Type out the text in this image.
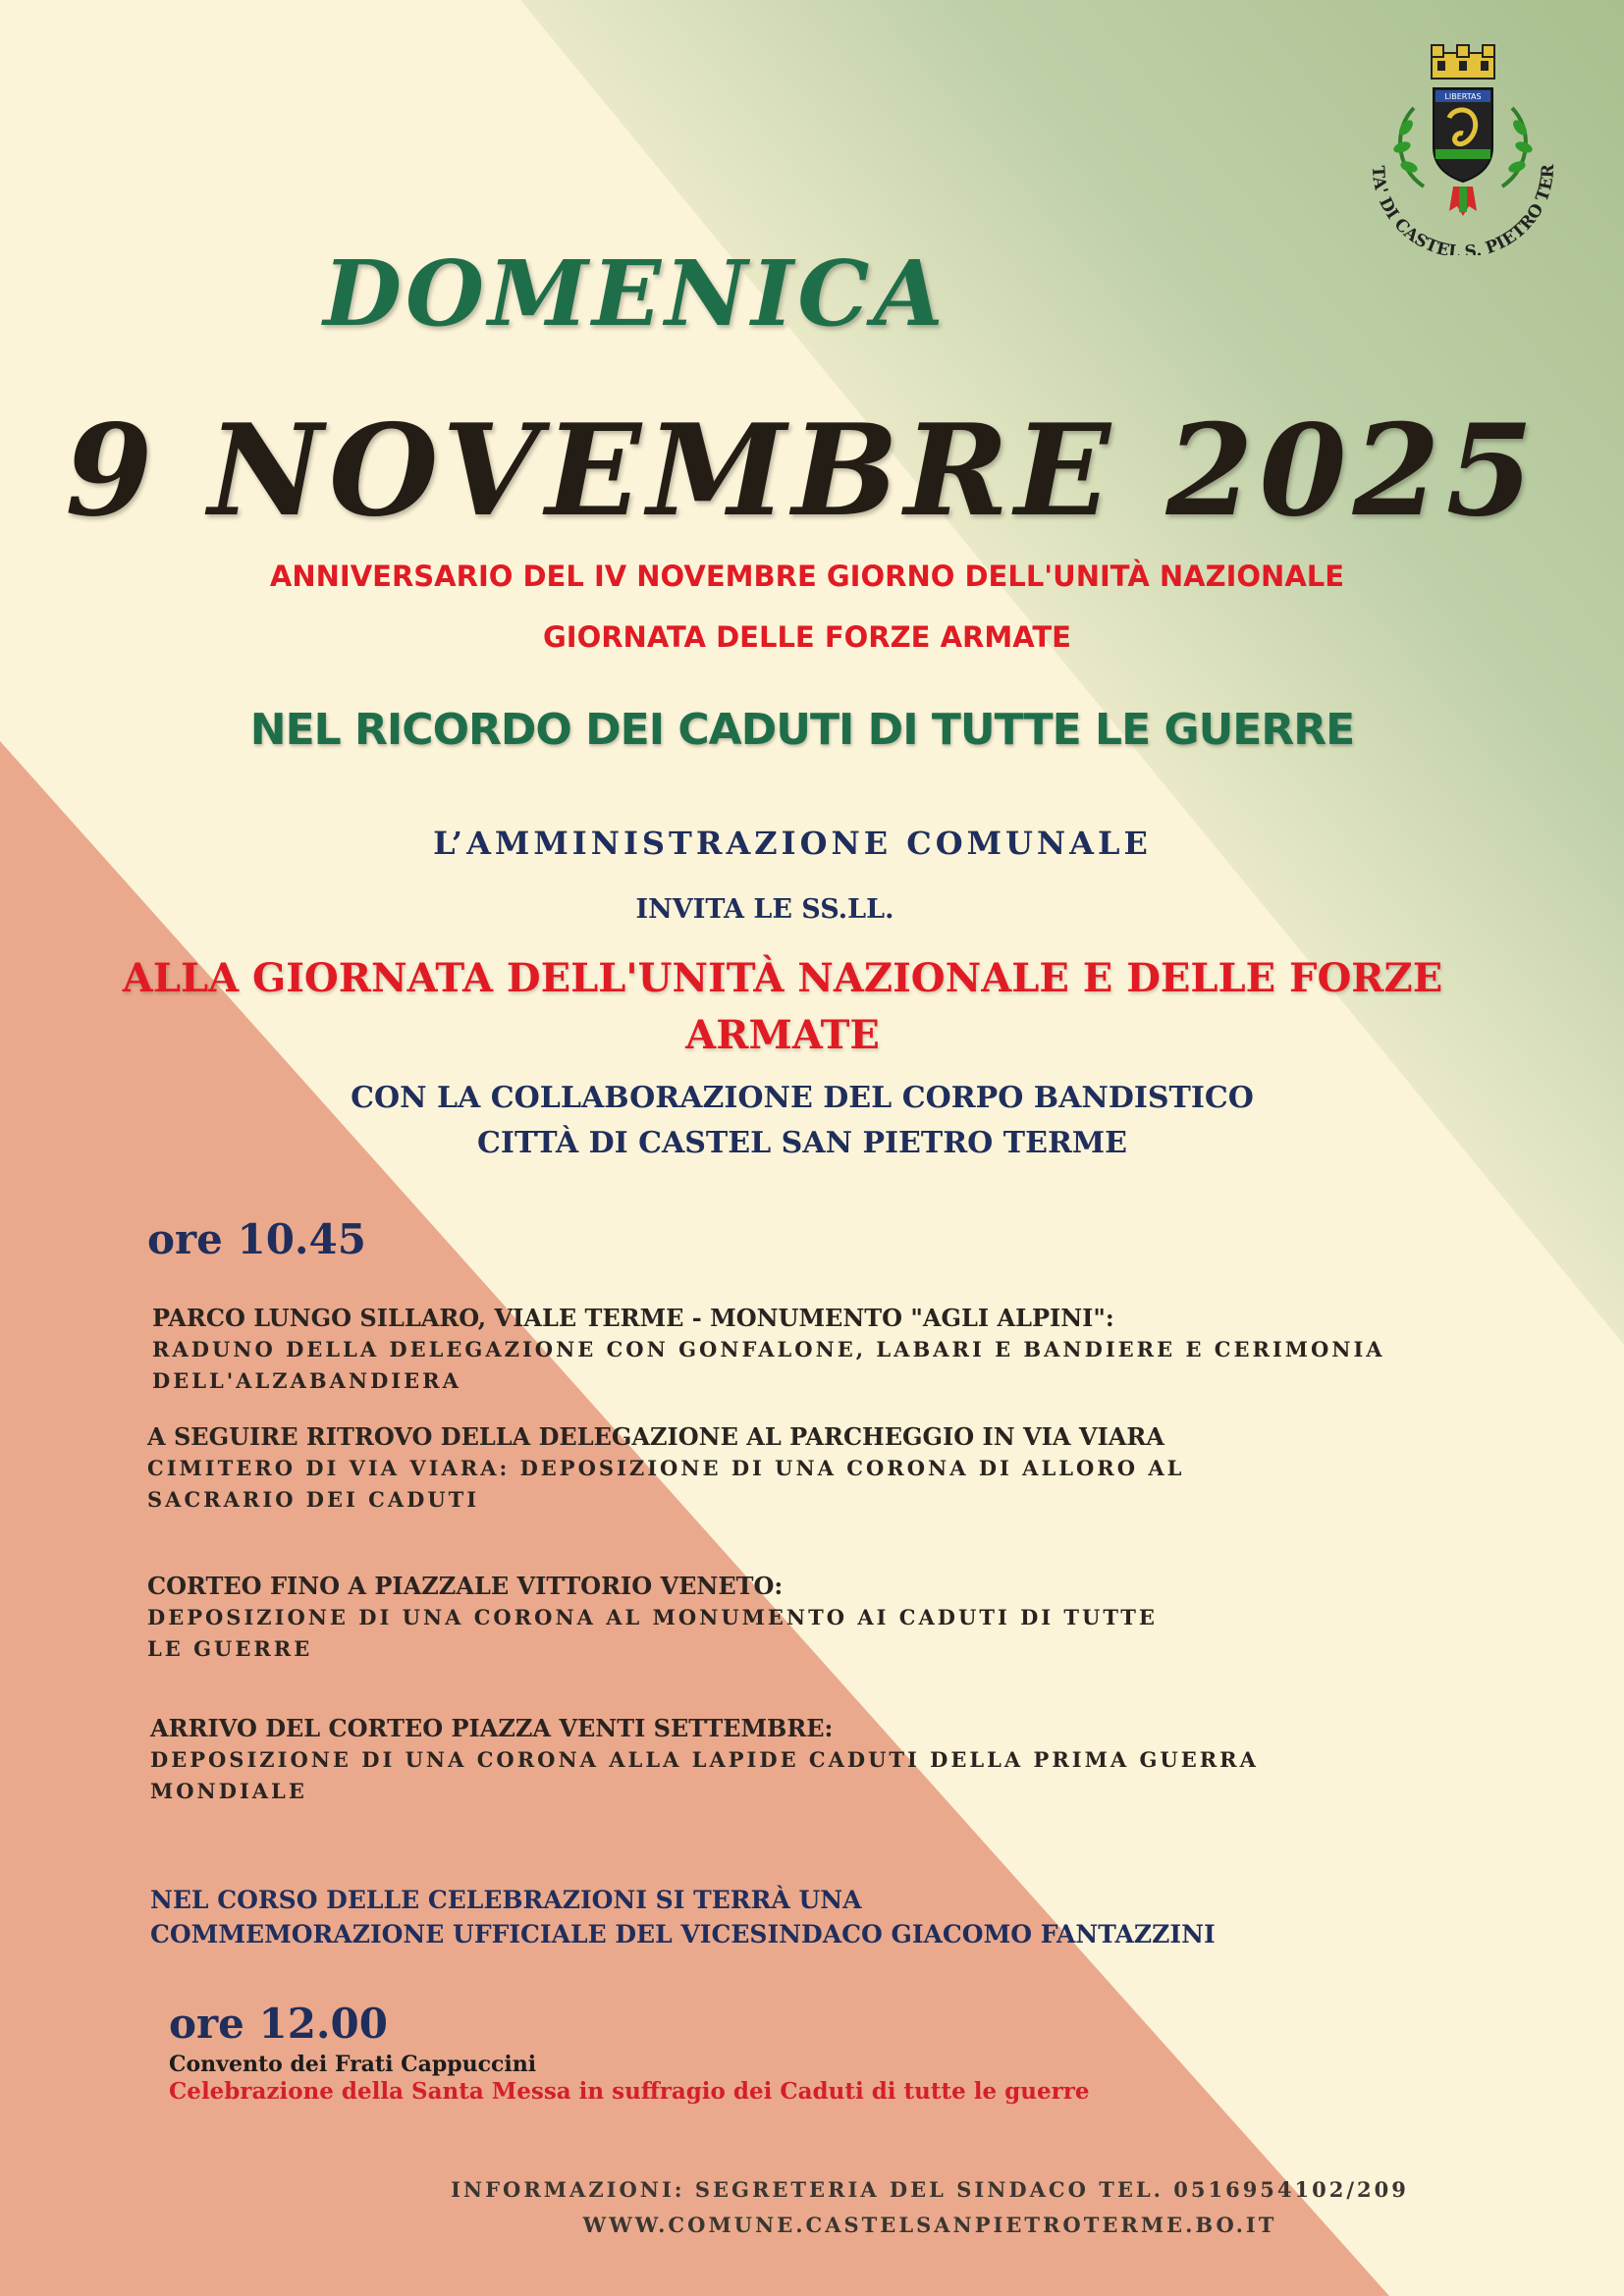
TA' DI CASTEL S. PIETRO TER
LIBERTAS
DOMENICA
9 NOVEMBRE 2025
ANNIVERSARIO DEL IV NOVEMBRE GIORNO DELL'UNITÀ NAZIONALE
GIORNATA DELLE FORZE ARMATE
NEL RICORDO DEI CADUTI DI TUTTE LE GUERRE
L’AMMINISTRAZIONE COMUNALE
INVITA LE SS.LL.
ALLA GIORNATA DELL'UNITÀ NAZIONALE E DELLE FORZE
ARMATE
CON LA COLLABORAZIONE DEL CORPO BANDISTICO
CITTÀ DI CASTEL SAN PIETRO TERME
ore 10.45
PARCO LUNGO SILLARO, VIALE TERME - MONUMENTO "AGLI ALPINI":
RADUNO DELLA DELEGAZIONE CON GONFALONE, LABARI E BANDIERE E CERIMONIA
DELL'ALZABANDIERA
A SEGUIRE RITROVO DELLA DELEGAZIONE AL PARCHEGGIO IN VIA VIARA
CIMITERO DI VIA VIARA: DEPOSIZIONE DI UNA CORONA DI ALLORO AL
SACRARIO DEI CADUTI
CORTEO FINO A PIAZZALE VITTORIO VENETO:
DEPOSIZIONE DI UNA CORONA AL MONUMENTO AI CADUTI DI TUTTE
LE GUERRE
ARRIVO DEL CORTEO PIAZZA VENTI SETTEMBRE:
DEPOSIZIONE DI UNA CORONA ALLA LAPIDE CADUTI DELLA PRIMA GUERRA
MONDIALE
NEL CORSO DELLE CELEBRAZIONI SI TERRÀ UNA
COMMEMORAZIONE UFFICIALE DEL VICESINDACO GIACOMO FANTAZZINI
ore 12.00
Convento dei Frati Cappuccini
Celebrazione della Santa Messa in suffragio dei Caduti di tutte le guerre
INFORMAZIONI: SEGRETERIA DEL SINDACO TEL. 0516954102/209
WWW.COMUNE.CASTELSANPIETROTERME.BO.IT
